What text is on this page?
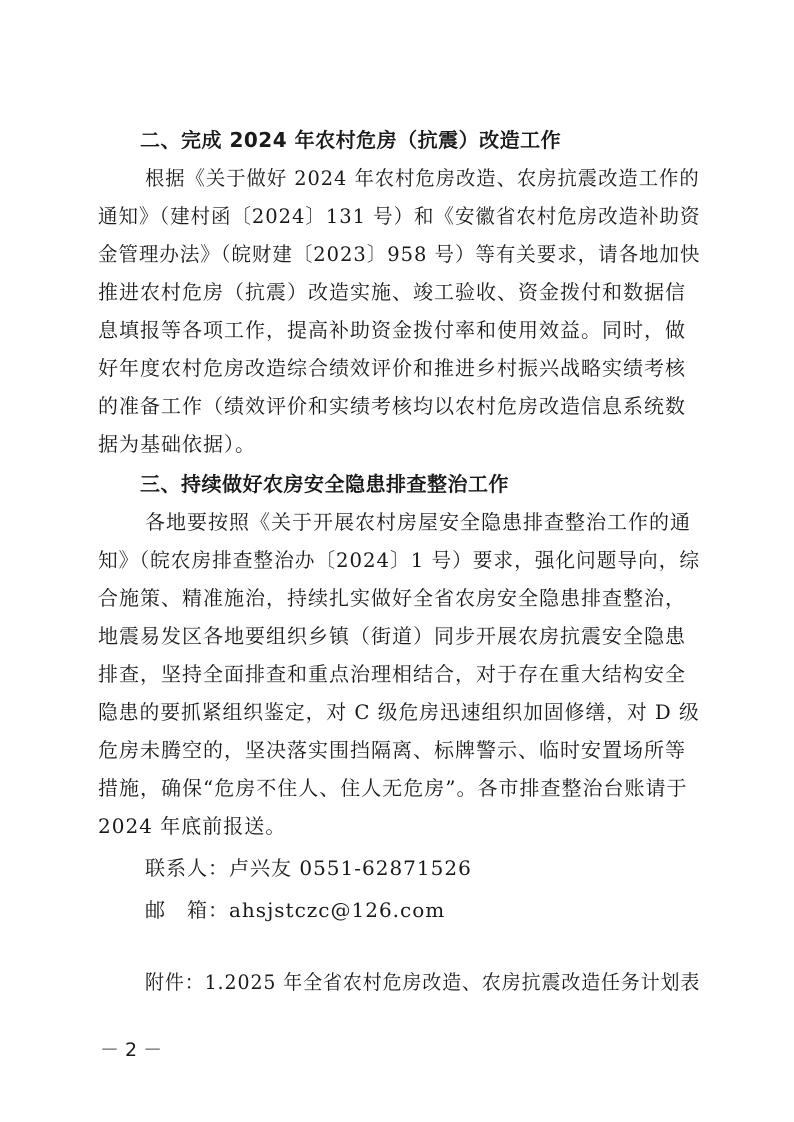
二、完成 2024 年农村危房（抗震）改造工作
根据《关于做好 2024 年农村危房改造、农房抗震改造工作的
通知》（建村函〔2024〕131 号）和《安徽省农村危房改造补助资
金管理办法》（皖财建〔2023〕958 号）等有关要求，请各地加快
推进农村危房（抗震）改造实施、竣工验收、资金拨付和数据信
息填报等各项工作，提高补助资金拨付率和使用效益。同时，做
好年度农村危房改造综合绩效评价和推进乡村振兴战略实绩考核
的准备工作（绩效评价和实绩考核均以农村危房改造信息系统数
据为基础依据）。
三、持续做好农房安全隐患排查整治工作
各地要按照《关于开展农村房屋安全隐患排查整治工作的通
知》（皖农房排查整治办〔2024〕1 号）要求，强化问题导向，综
合施策、精准施治，持续扎实做好全省农房安全隐患排查整治，
地震易发区各地要组织乡镇（街道）同步开展农房抗震安全隐患
排查，坚持全面排查和重点治理相结合，对于存在重大结构安全
隐患的要抓紧组织鉴定，对 C 级危房迅速组织加固修缮，对 D 级
危房未腾空的，坚决落实围挡隔离、标牌警示、临时安置场所等
措施，确保“危房不住人、住人无危房”。各市排查整治台账请于
2024 年底前报送。
联系人：卢兴友 0551-62871526
邮　箱：ahsjstczc@126.com
附件：1.2025 年全省农村危房改造、农房抗震改造任务计划表
－ 2 －
